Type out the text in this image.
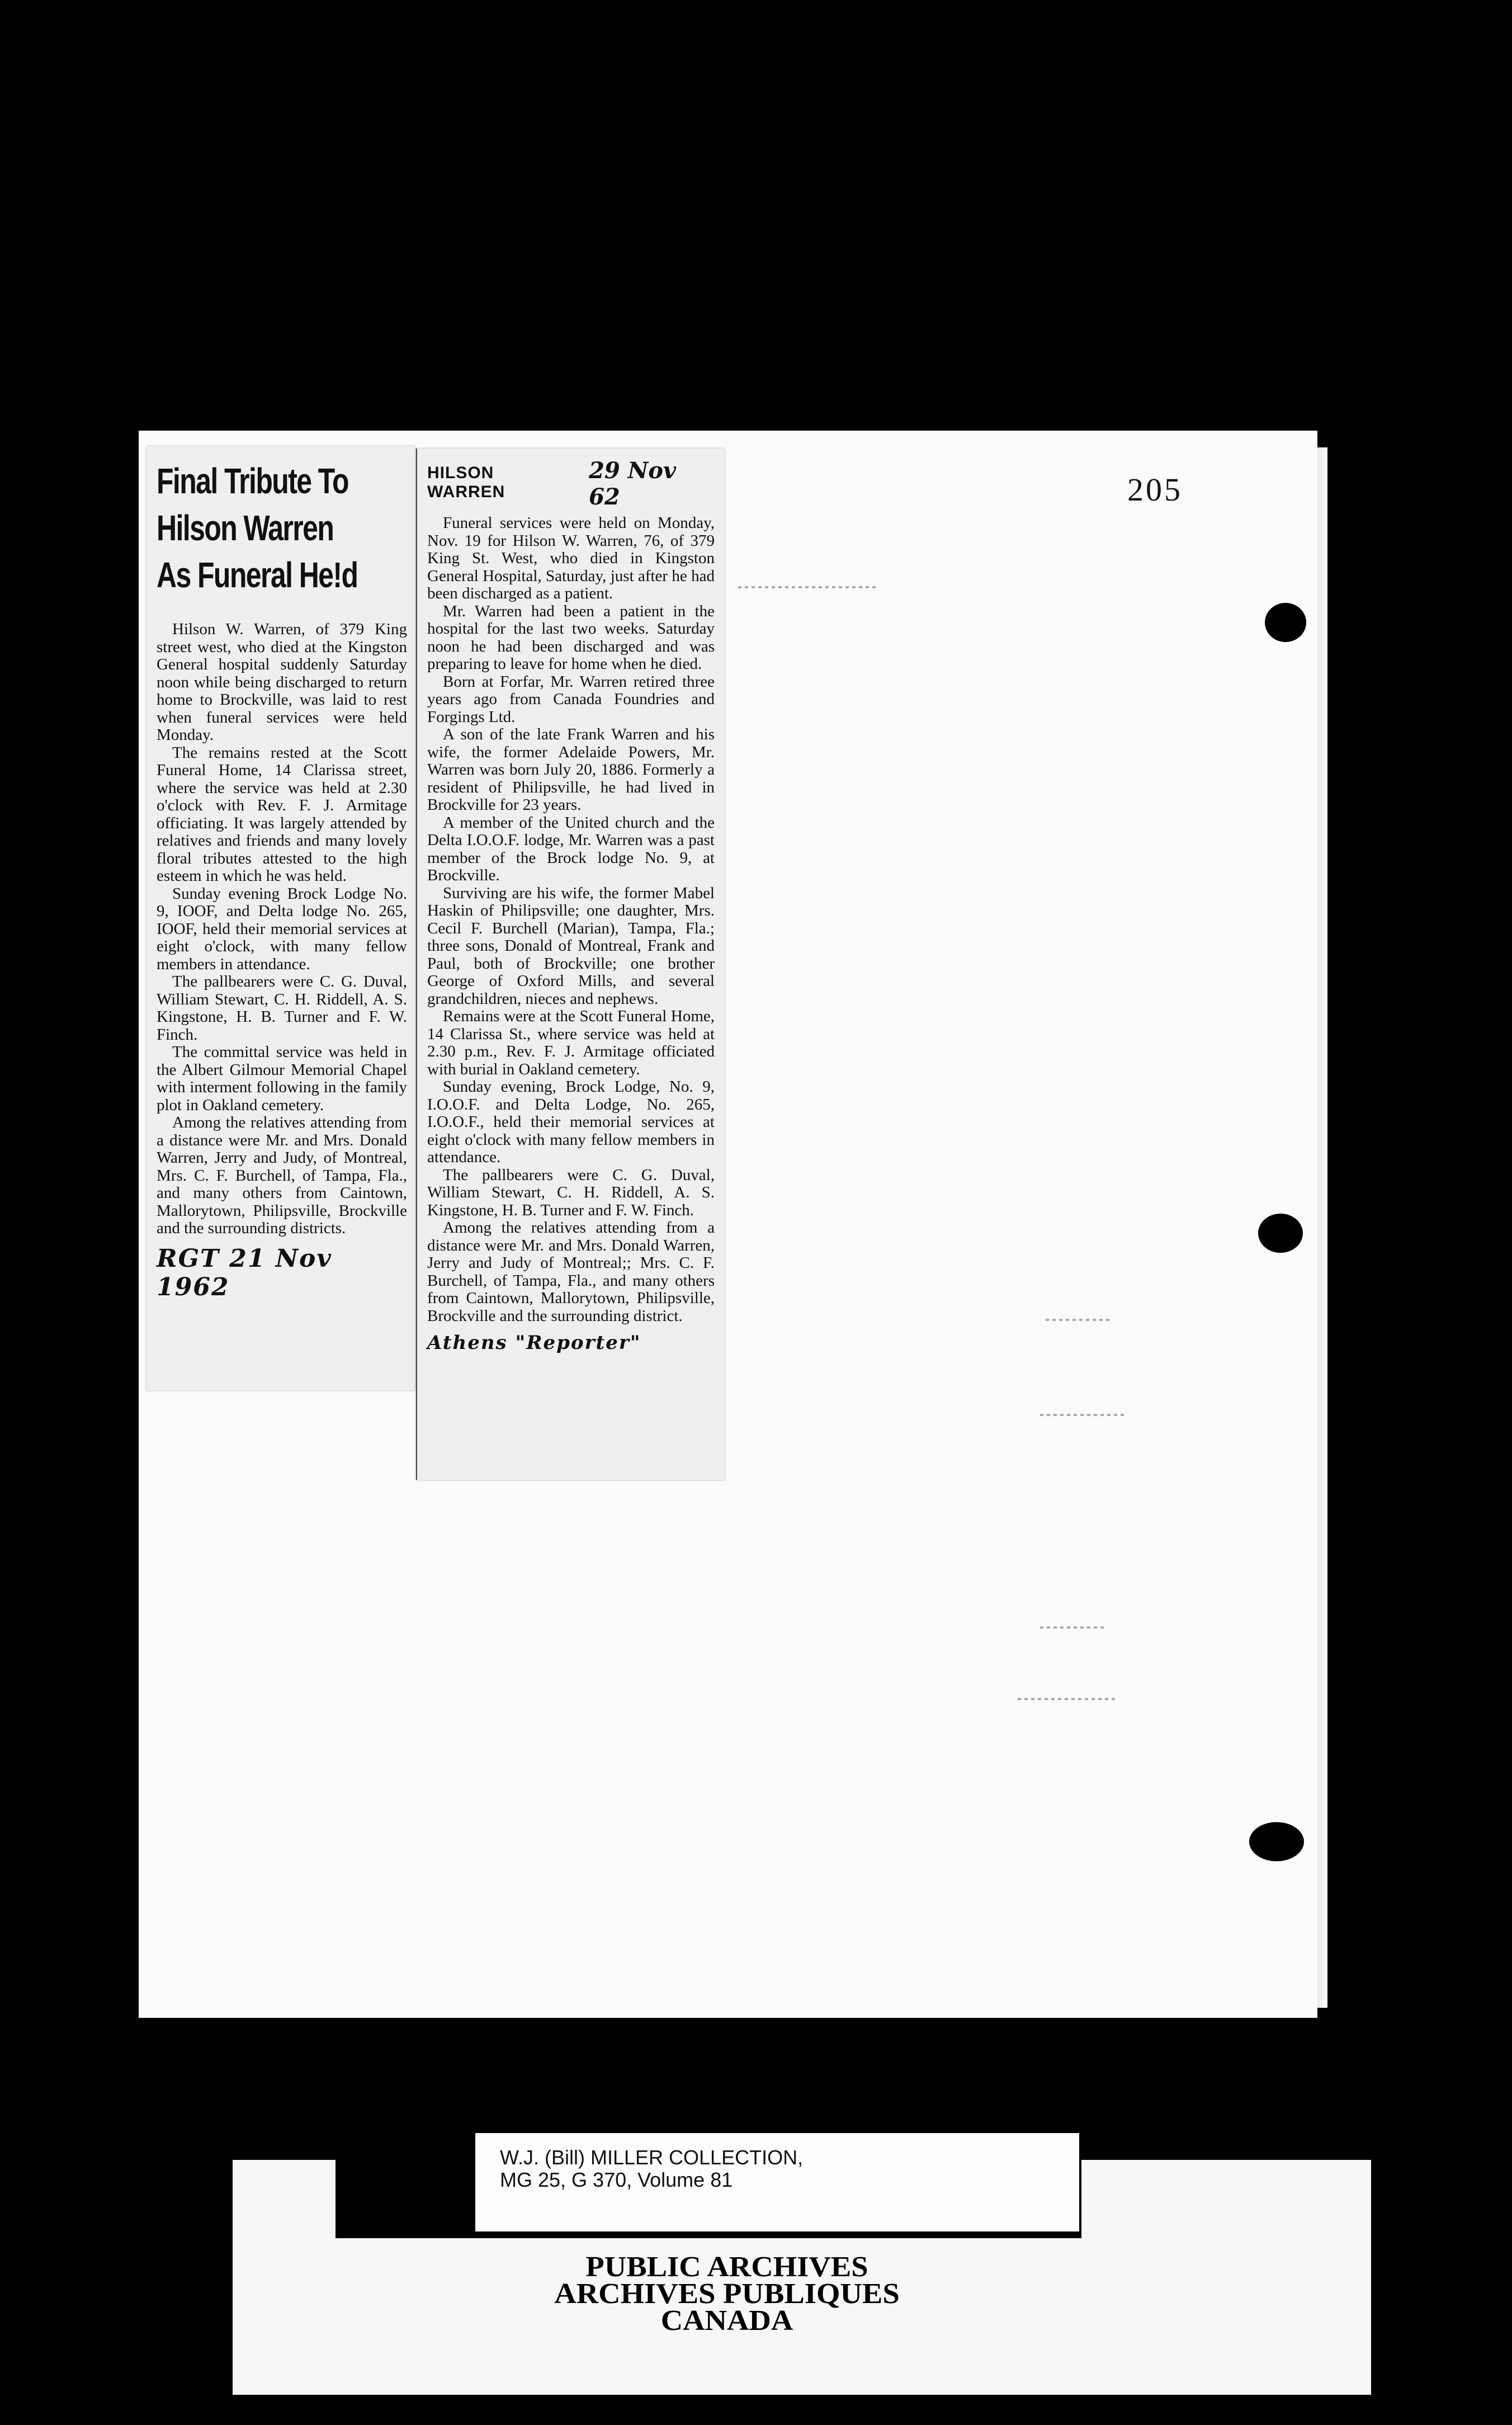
205
Final Tribute To
Hilson Warren
As Funeral He!d

Hilson W. Warren, of 379 King street west, who died at the Kingston General hospital suddenly Saturday noon while being discharged to return home to Brockville, was laid to rest when funeral services were held Monday.

The remains rested at the Scott Funeral Home, 14 Clarissa street, where the service was held at 2.30 o'clock with Rev. F. J. Armitage officiating. It was largely attended by relatives and friends and many lovely floral tributes attested to the high esteem in which he was held.

Sunday evening Brock Lodge No. 9, IOOF, and Delta lodge No. 265, IOOF, held their memorial services at eight o'clock, with many fellow members in attendance.

The pallbearers were C. G. Duval, William Stewart, C. H. Riddell, A. S. Kingstone, H. B. Turner and F. W. Finch.

The committal service was held in the Albert Gilmour Memorial Chapel with interment following in the family plot in Oakland cemetery.

Among the relatives attending from a distance were Mr. and Mrs. Donald Warren, Jerry and Judy, of Montreal, Mrs. C. F. Burchell, of Tampa, Fla., and many others from Caintown, Mallorytown, Philipsville, Brockville and the surrounding districts.

RGT 21 Nov 1962
HILSON WARREN
29 Nov 62

Funeral services were held on Monday, Nov. 19 for Hilson W. Warren, 76, of 379 King St. West, who died in Kingston General Hospital, Saturday, just after he had been discharged as a patient.

Mr. Warren had been a patient in the hospital for the last two weeks. Saturday noon he had been discharged and was preparing to leave for home when he died.

Born at Forfar, Mr. Warren retired three years ago from Canada Foundries and Forgings Ltd.

A son of the late Frank Warren and his wife, the former Adelaide Powers, Mr. Warren was born July 20, 1886. Formerly a resident of Philipsville, he had lived in Brockville for 23 years.

A member of the United church and the Delta I.O.O.F. lodge, Mr. Warren was a past member of the Brock lodge No. 9, at Brockville.

Surviving are his wife, the former Mabel Haskin of Philipsville; one daughter, Mrs. Cecil F. Burchell (Marian), Tampa, Fla.; three sons, Donald of Montreal, Frank and Paul, both of Brockville; one brother George of Oxford Mills, and several grandchildren, nieces and nephews.

Remains were at the Scott Funeral Home, 14 Clarissa St., where service was held at 2.30 p.m., Rev. F. J. Armitage officiated with burial in Oakland cemetery.

Sunday evening, Brock Lodge, No. 9, I.O.O.F. and Delta Lodge, No. 265, I.O.O.F., held their memorial services at eight o'clock with many fellow members in attendance.

The pallbearers were C. G. Duval, William Stewart, C. H. Riddell, A. S. Kingstone, H. B. Turner and F. W. Finch.

Among the relatives attending from a distance were Mr. and Mrs. Donald Warren, Jerry and Judy of Montreal;; Mrs. C. F. Burchell, of Tampa, Fla., and many others from Caintown, Mallorytown, Philipsville, Brockville and the surrounding district.

Athens "Reporter"
W.J. (Bill) MILLER COLLECTION,
MG 25, G 370, Volume 81
PUBLIC ARCHIVES
ARCHIVES PUBLIQUES
CANADA
